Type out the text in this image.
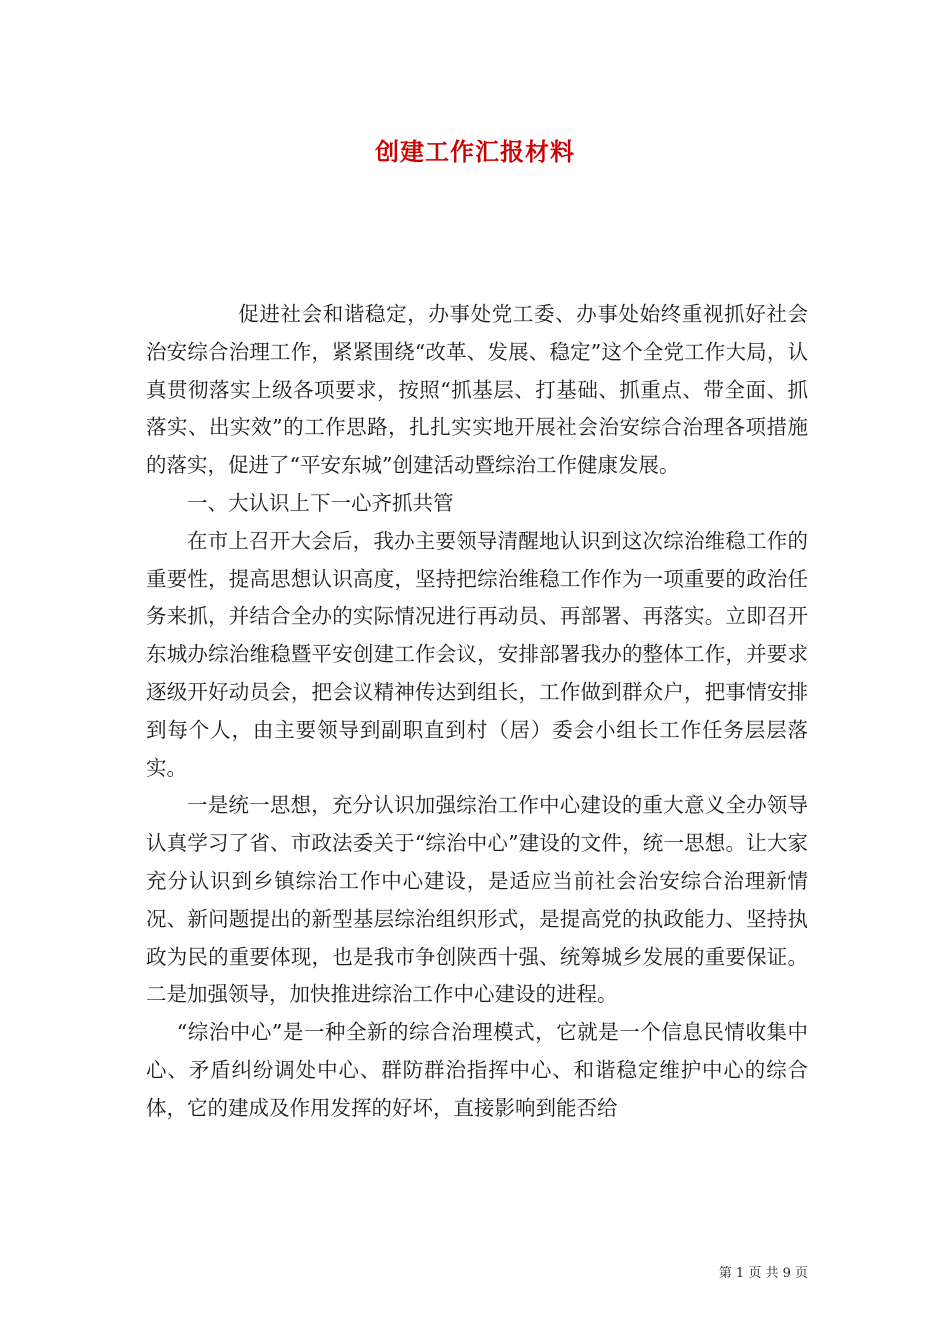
创建工作汇报材料

促进社会和谐稳定，办事处党工委、办事处始终重视抓好社会治安综合治理工作，紧紧围绕“改革、发展、稳定”这个全党工作大局，认真贯彻落实上级各项要求，按照“抓基层、打基础、抓重点、带全面、抓落实、出实效”的工作思路，扎扎实实地开展社会治安综合治理各项措施的落实，促进了“平安东城”创建活动暨综治工作健康发展。

一、大认识上下一心齐抓共管

在市上召开大会后，我办主要领导清醒地认识到这次综治维稳工作的重要性，提高思想认识高度，坚持把综治维稳工作作为一项重要的政治任务来抓，并结合全办的实际情况进行再动员、再部署、再落实。立即召开东城办综治维稳暨平安创建工作会议，安排部署我办的整体工作，并要求逐级开好动员会，把会议精神传达到组长，工作做到群众户，把事情安排到每个人，由主要领导到副职直到村（居）委会小组长工作任务层层落实。

一是统一思想，充分认识加强综治工作中心建设的重大意义全办领导认真学习了省、市政法委关于“综治中心”建设的文件，统一思想。让大家充分认识到乡镇综治工作中心建设，是适应当前社会治安综合治理新情况、新问题提出的新型基层综治组织形式，是提高党的执政能力、坚持执政为民的重要体现，也是我市争创陕西十强、统筹城乡发展的重要保证。二是加强领导，加快推进综治工作中心建设的进程。

“综治中心”是一种全新的综合治理模式，它就是一个信息民情收集中心、矛盾纠纷调处中心、群防群治指挥中心、和谐稳定维护中心的综合体，它的建成及作用发挥的好坏，直接影响到能否给

第 1 页 共 9 页
